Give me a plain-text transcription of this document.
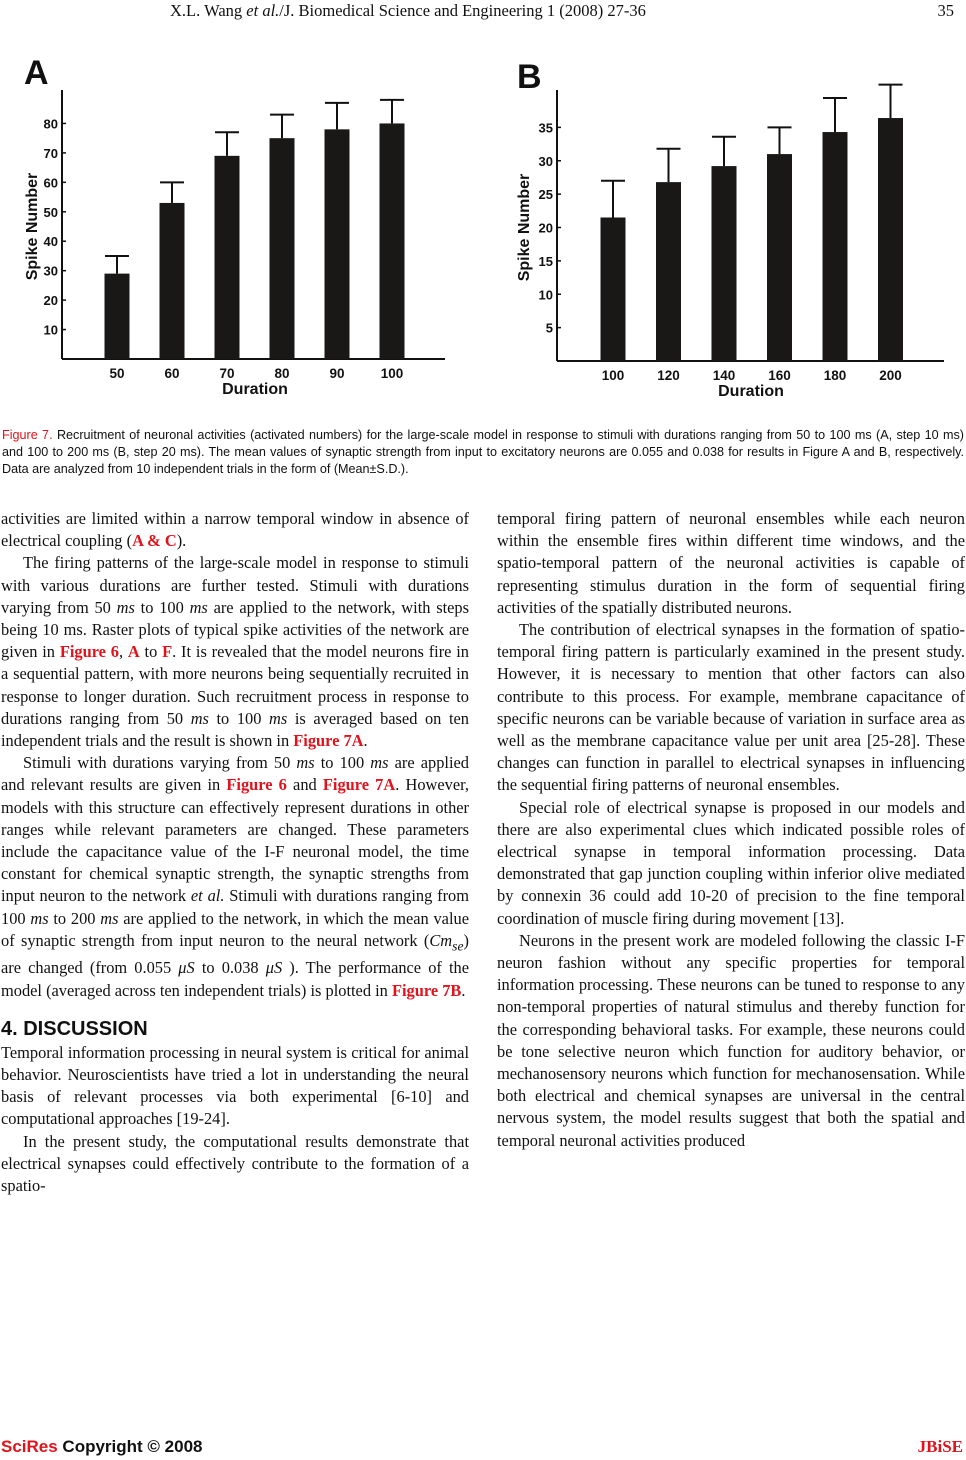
X.L. Wang et al./J. Biomedical Science and Engineering 1 (2008) 27-36	35
A
10
20
30
40
50
60
70
80
50	60	70	80	90	100
Duration
Spike Number
B
5
10
15
20
25
30
35
100 120 140 160 180 200
Duration
Spike Number
Figure 7. Recruitment of neuronal activities (activated numbers) for the large-scale model in response to stimuli with durations ranging from 50 to 100 ms (A, step 10 ms) and 100 to 200 ms (B, step 20 ms). The mean values of synaptic strength from input to excitatory neurons are 0.055 and 0.038 for results in Figure A and B, respectively. Data are analyzed from 10 independent trials in the form of (Mean±S.D.).

activities are limited within a narrow temporal window in absence of electrical coupling (A & C).

The firing patterns of the large-scale model in response to stimuli with various durations are further tested. Stimuli with durations varying from 50 ms to 100 ms are applied to the network, with steps being 10 ms. Raster plots of typical spike activities of the network are given in Figure 6, A to F. It is revealed that the model neurons fire in a sequential pattern, with more neurons being sequentially recruited in response to longer duration. Such recruitment process in response to durations ranging from 50 ms to 100 ms is averaged based on ten independent trials and the result is shown in Figure 7A.

Stimuli with durations varying from 50 ms to 100 ms are applied and relevant results are given in Figure 6 and Figure 7A. However, models with this structure can effectively represent durations in other ranges while relevant parameters are changed. These parameters include the capacitance value of the I-F neuronal model, the time constant for chemical synaptic strength, the synaptic strengths from input neuron to the network et al. Stimuli with durations ranging from 100 ms to 200 ms are applied to the network, in which the mean value of synaptic strength from input neuron to the neural network $(Cm_{se})$ are changed (from 0.055 μS to 0.038 μS ). The performance of the model (averaged across ten independent trials) is plotted in Figure 7B.

4. DISCUSSION

Temporal information processing in neural system is critical for animal behavior. Neuroscientists have tried a lot in understanding the neural basis of relevant processes via both experimental [6-10] and computational approaches [19-24].

In the present study, the computational results demonstrate that electrical synapses could effectively contribute to the formation of a spatio-

temporal firing pattern of neuronal ensembles while each neuron within the ensemble fires within different time windows, and the spatio-temporal pattern of the neuronal activities is capable of representing stimulus duration in the form of sequential firing activities of the spatially distributed neurons.

The contribution of electrical synapses in the formation of spatio-temporal firing pattern is particularly examined in the present study. However, it is necessary to mention that other factors can also contribute to this process. For example, membrane capacitance of specific neurons can be variable because of variation in surface area as well as the membrane capacitance value per unit area [25-28]. These changes can function in parallel to electrical synapses in influencing the sequential firing patterns of neuronal ensembles.

Special role of electrical synapse is proposed in our models and there are also experimental clues which indicated possible roles of electrical synapse in temporal information processing. Data demonstrated that gap junction coupling within inferior olive mediated by connexin 36 could add 10-20 of precision to the fine temporal coordination of muscle firing during movement [13].

Neurons in the present work are modeled following the classic I-F neuron fashion without any specific properties for temporal information processing. These neurons can be tuned to response to any non-temporal properties of natural stimulus and thereby function for the corresponding behavioral tasks. For example, these neurons could be tone selective neuron which function for auditory behavior, or mechanosensory neurons which function for mechanosensation. While both electrical and chemical synapses are universal in the central nervous system, the model results suggest that both the spatial and temporal neuronal activities produced

SciRes Copyright © 2008	JBiSE
